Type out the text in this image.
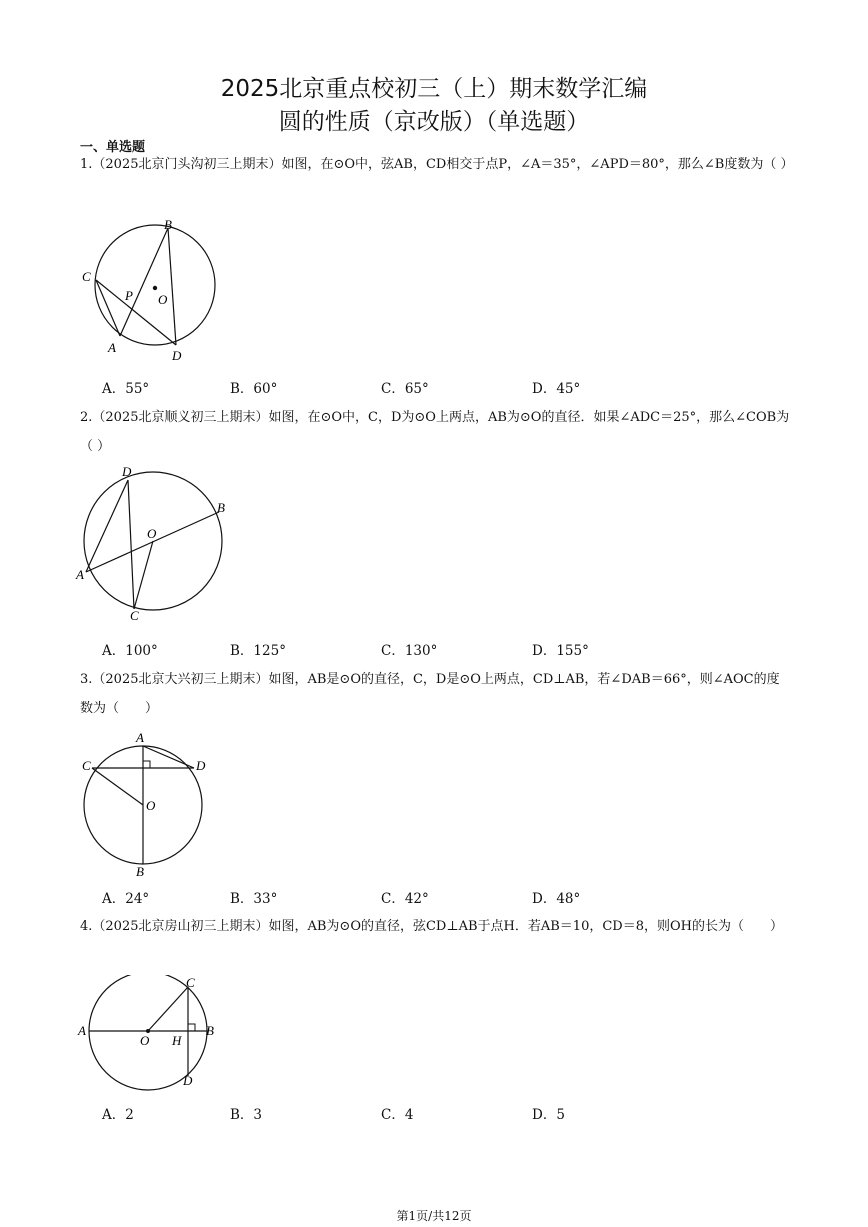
2025北京重点校初三（上）期末数学汇编
圆的性质（京改版）（单选题）
一、单选题
1.（2025北京门头沟初三上期末）如图，在⊙O中，弦AB，CD相交于点P，∠A＝35°，∠APD＝80°，那么∠B度数为（ ）
B
C
P O
A
D
A．55°	B．60°	C．65°	D．45°
2.（2025北京顺义初三上期末）如图，在⊙O中，C，D为⊙O上两点，AB为⊙O的直径．如果∠ADC＝25°，那么∠COB为（ ）
D
B
O
A
C
A．100°	B．125°	C．130°	D．155°
3.（2025北京大兴初三上期末）如图，AB是⊙O的直径，C，D是⊙O上两点，CD⊥AB，若∠DAB＝66°，则∠AOC的度数为（　　）
A
C	D
O
B
A．24°	B．33°	C．42°	D．48°
4.（2025北京房山初三上期末）如图，AB为⊙O的直径，弦CD⊥AB于点H．若AB＝10，CD＝8，则OH的长为（　　）
C
A	B
O H
D
A．2	B．3	C．4	D．5
第1页/共12页
